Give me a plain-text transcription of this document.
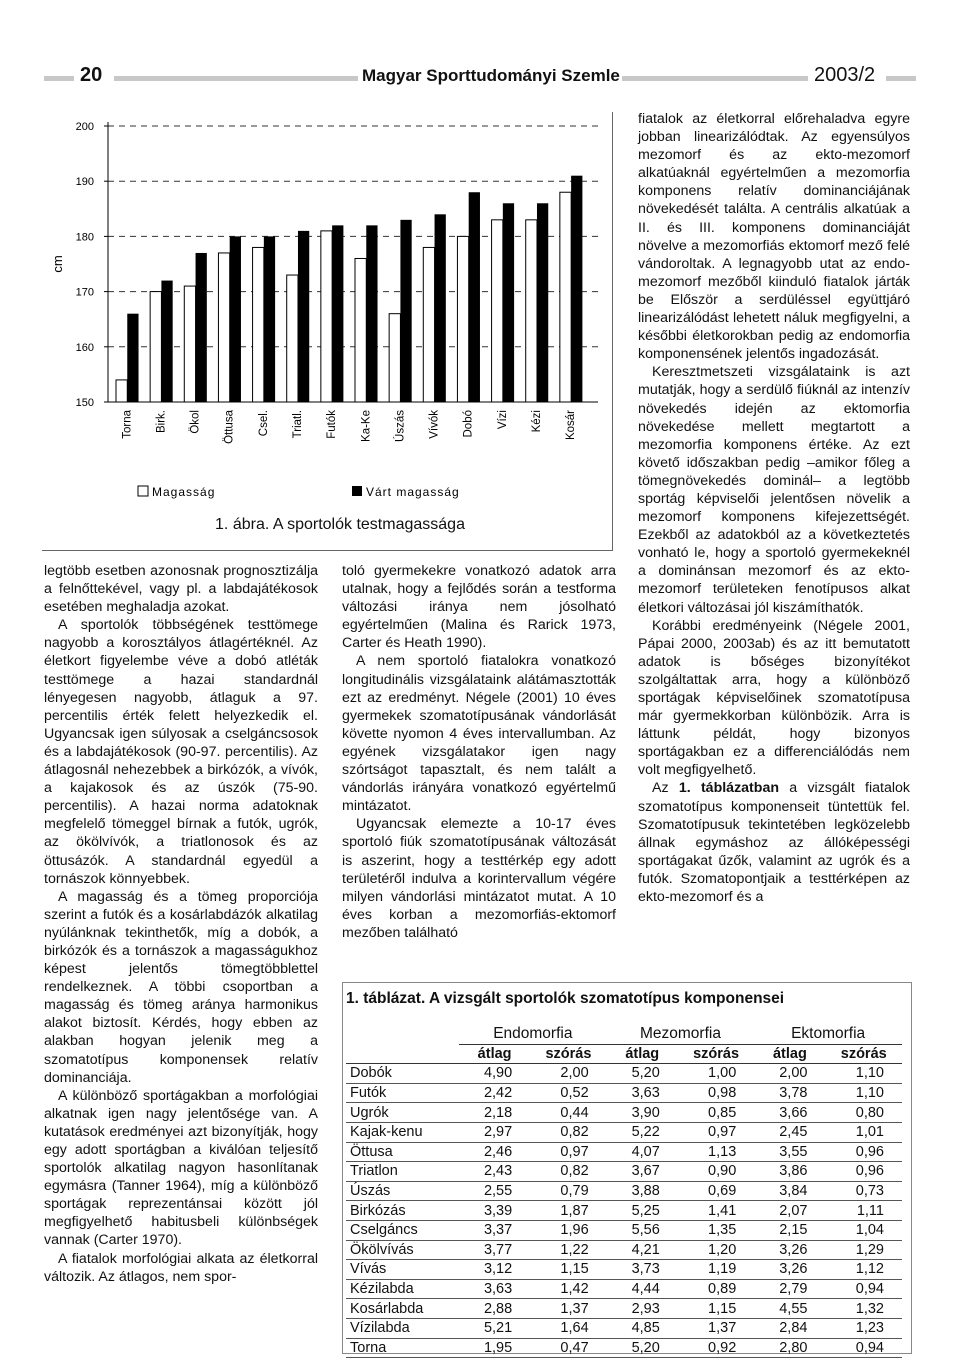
20	Magyar Sporttudományi Szemle	2003/2
150
160
170
180
190
200
cm
Torna Birk. Ökol Öttusa Csel. Triatl. Futók Ka-Ke Úszás Vívók Dobó Vízi Kézi Kosár
Magasság	Várt magasság
1. ábra. A sportolók testmagassága

legtöbb esetben azonosnak prognosztizálja a felnőttekével, vagy pl. a labdajátékosok esetében meghaladja azokat.

A sportolók többségének testtömege nagyobb a korosztályos átlagértéknél. Az életkort figyelembe véve a dobó atléták testtömege a hazai standardnál lényegesen nagyobb, átlaguk a 97. percentilis érték felett helyezkedik el. Ugyancsak igen súlyosak a cselgáncsosok és a labdajátékosok (90-97. percentilis). Az átlagosnál nehezebbek a birkózók, a vívók, a kajakosok és az úszók (75-90. percentilis). A hazai norma adatoknak megfelelő tömeggel bírnak a futók, ugrók, az ökölvívók, a triatlonosok és az öttusázók. A standardnál egyedül a tornászok könnyebbek.

A magasság és a tömeg proporciója szerint a futók és a kosárlabdázók alkatilag nyúlánknak tekinthetők, míg a dobók, a birkózók és a tornászok a magasságukhoz képest jelentős tömegtöbblettel rendelkeznek. A többi csoportban a magasság és tömeg aránya harmonikus alakot biztosít. Kérdés, hogy ebben az alakban hogyan jelenik meg a szomatotípus komponensek relatív dominanciája.

A különböző sportágakban a morfológiai alkatnak igen nagy jelentősége van. A kutatások eredményei azt bizonyítják, hogy egy adott sportágban a kiválóan teljesítő sportolók alkatilag nagyon hasonlítanak egymásra (Tanner 1964), míg a különböző sportágak reprezentánsai között jól megfigyelhető habitusbeli különbségek vannak (Carter 1970).

A fiatalok morfológiai alkata az életkorral változik. Az átlagos, nem spor-

toló gyermekekre vonatkozó adatok arra utalnak, hogy a fejlődés során a testforma változási iránya nem jósolható egyértelműen (Malina és Rarick 1973, Carter és Heath 1990).

A nem sportoló fiatalokra vonatkozó longitudinális vizsgálataink alátámasztották ezt az eredményt. Négele (2001) 10 éves gyermekek szomatotípusának vándorlását követte nyomon 4 éves intervallumban. Az egyének vizsgálatakor igen nagy szórtságot tapasztalt, és nem talált a vándorlás irányára vonatkozó egyértelmű mintázatot.

Ugyancsak elemezte a 10-17 éves sportoló fiúk szomatotípusának változását is aszerint, hogy a testtérkép egy adott területéről indulva a korintervallum végére milyen vándorlási mintázatot mutat. A 10 éves korban a mezomorfiás-ektomorf mezőben található

fiatalok az életkorral előrehaladva egyre jobban linearizálódtak. Az egyensúlyos mezomorf és az ekto-mezomorf alkatúaknál egyértelműen a mezomorfia komponens relatív dominanciájának növekedését találta. A centrális alkatúak a II. és III. komponens dominanciáját növelve a mezomorfiás ektomorf mező felé vándoroltak. A legnagyobb utat az endo-mezomorf mezőből kiinduló fiatalok járták be Először a serdüléssel együttjáró linearizálódást lehetett náluk megfigyelni, a későbbi életkorokban pedig az endomorfia komponensének jelentős ingadozását.

Keresztmetszeti vizsgálataink is azt mutatják, hogy a serdülő fiúknál az intenzív növekedés idején az ektomorfia növekedése mellett megtartott a mezomorfia komponens értéke. Az ezt követő időszakban pedig –amikor főleg a tömegnövekedés dominál– a legtöbb sportág képviselői jelentősen növelik a mezomorf komponens kifejezettségét. Ezekből az adatokból az a következtetés vonható le, hogy a sportoló gyermekeknél a dominánsan mezomorf és az ekto-mezomorf területeken fenotípusos alkat életkori változásai jól kiszámíthatók.

Korábbi eredményeink (Négele 2001, Pápai 2000, 2003ab) és az itt bemutatott adatok is bőséges bizonyítékot szolgáltattak arra, hogy a különböző sportágak képviselőinek szomatotípusa már gyermekkorban különbözik. Arra is láttunk példát, hogy bizonyos sportágakban ez a differenciálódás nem volt megfigyelhető.

Az 1. táblázatban a vizsgált fiatalok szomatotípus komponenseit tüntettük fel. Szomatotípusuk tekintetében legközelebb állnak egymáshoz az állóképességi sportágakat űzők, valamint az ugrók és a futók. Szomatopontjaik a testtérképen az ekto-mezomorf és a

1. táblázat. A vizsgált sportolók szomatotípus komponensei
	Endomorfia		Mezomorfia		Ektomorfia	
	átlag	szórás	átlag	szórás	átlag	szórás
Dobók	4,90	2,00	5,20	1,00	2,00	1,10
Futók	2,42	0,52	3,63	0,98	3,78	1,10
Ugrók	2,18	0,44	3,90	0,85	3,66	0,80
Kajak-kenu	2,97	0,82	5,22	0,97	2,45	1,01
Öttusa	2,46	0,97	4,07	1,13	3,55	0,96
Triatlon	2,43	0,82	3,67	0,90	3,86	0,96
Úszás	2,55	0,79	3,88	0,69	3,84	0,73
Birkózás	3,39	1,87	5,25	1,41	2,07	1,11
Cselgáncs	3,37	1,96	5,56	1,35	2,15	1,04
Ökölvívás	3,77	1,22	4,21	1,20	3,26	1,29
Vívás	3,12	1,15	3,73	1,19	3,26	1,12
Kézilabda	3,63	1,42	4,44	0,89	2,79	0,94
Kosárlabda	2,88	1,37	2,93	1,15	4,55	1,32
Vízilabda	5,21	1,64	4,85	1,37	2,84	1,23
Torna	1,95	0,47	5,20	0,92	2,80	0,94
